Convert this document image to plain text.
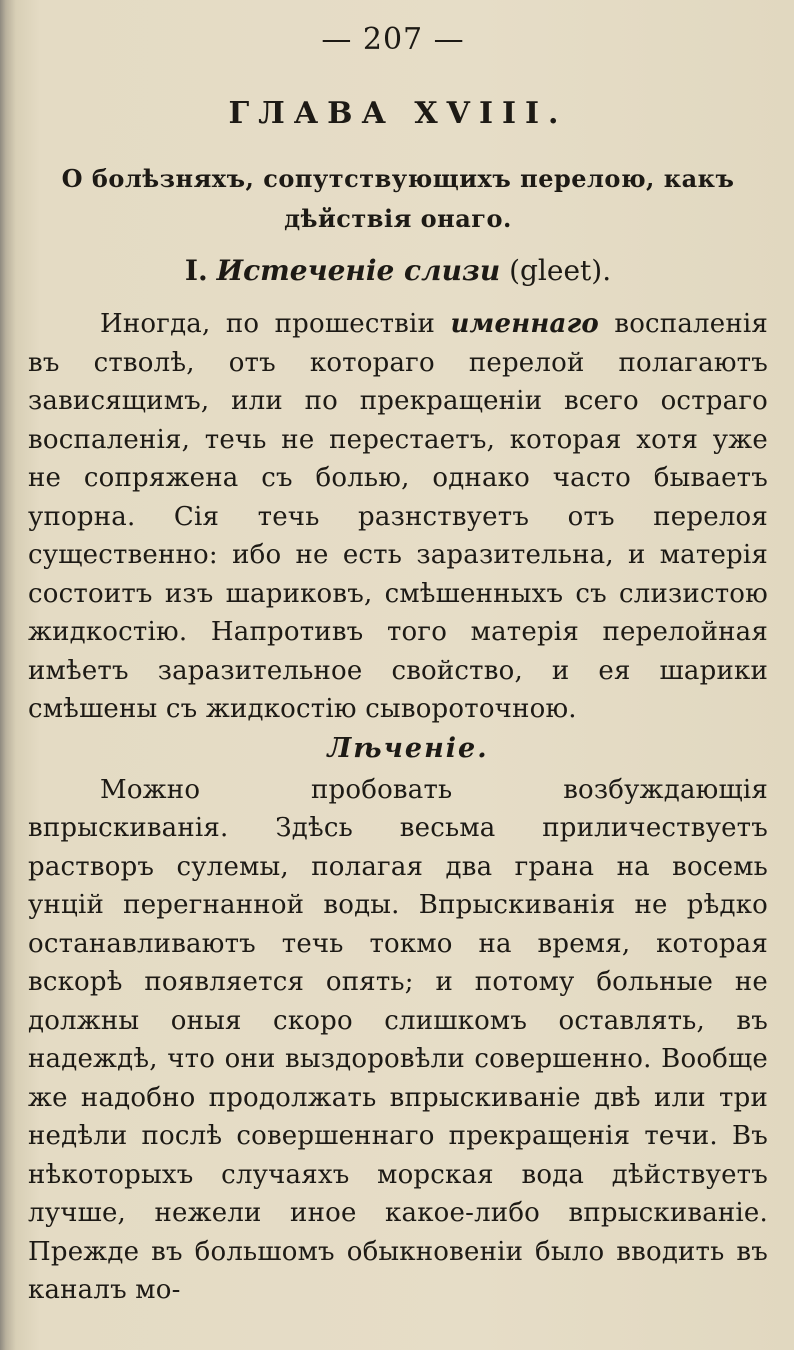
— 207 —
ГЛАВА XVIII.
О болѣзняхъ, сопутствующихъ перелою, какъ
дѣйствія онаго.
I. Истеченіе слизи (gleet).

Иногда, по прошествіи именнаго воспаленія въ стволѣ, отъ котораго перелой полагаютъ зависящимъ, или по прекращеніи всего остраго воспаленія, течь не перестаетъ, которая хотя уже не сопряжена съ болью, однако часто бываетъ упорна. Сія течь разнствуетъ отъ перелоя существенно: ибо не есть заразительна, и матерія состоитъ изъ шариковъ, смѣшенныхъ съ слизистою жидкостію. Напротивъ того матерія перелойная имѣетъ заразительное свойство, и ея шарики смѣшены съ жидкостію сывороточною.

Лѣченіе.

Можно пробовать возбуждающія впрыскиванія. Здѣсь весьма приличествуетъ растворъ сулемы, полагая два грана на восемь унцій перегнанной воды. Впрыскиванія не рѣдко останавливаютъ течь токмо на время, которая вскорѣ появляется опять; и потому больные не должны оныя скоро слишкомъ оставлять, въ надеждѣ, что они выздоровѣли совершенно. Вообще же надобно продолжать впрыскиваніе двѣ или три недѣли послѣ совершеннаго прекращенія течи. Въ нѣкоторыхъ случаяхъ морская вода дѣйствуетъ лучше, нежели иное какое-либо впрыскиваніе. Прежде въ большомъ обыкновеніи было вводить въ каналъ мо-
